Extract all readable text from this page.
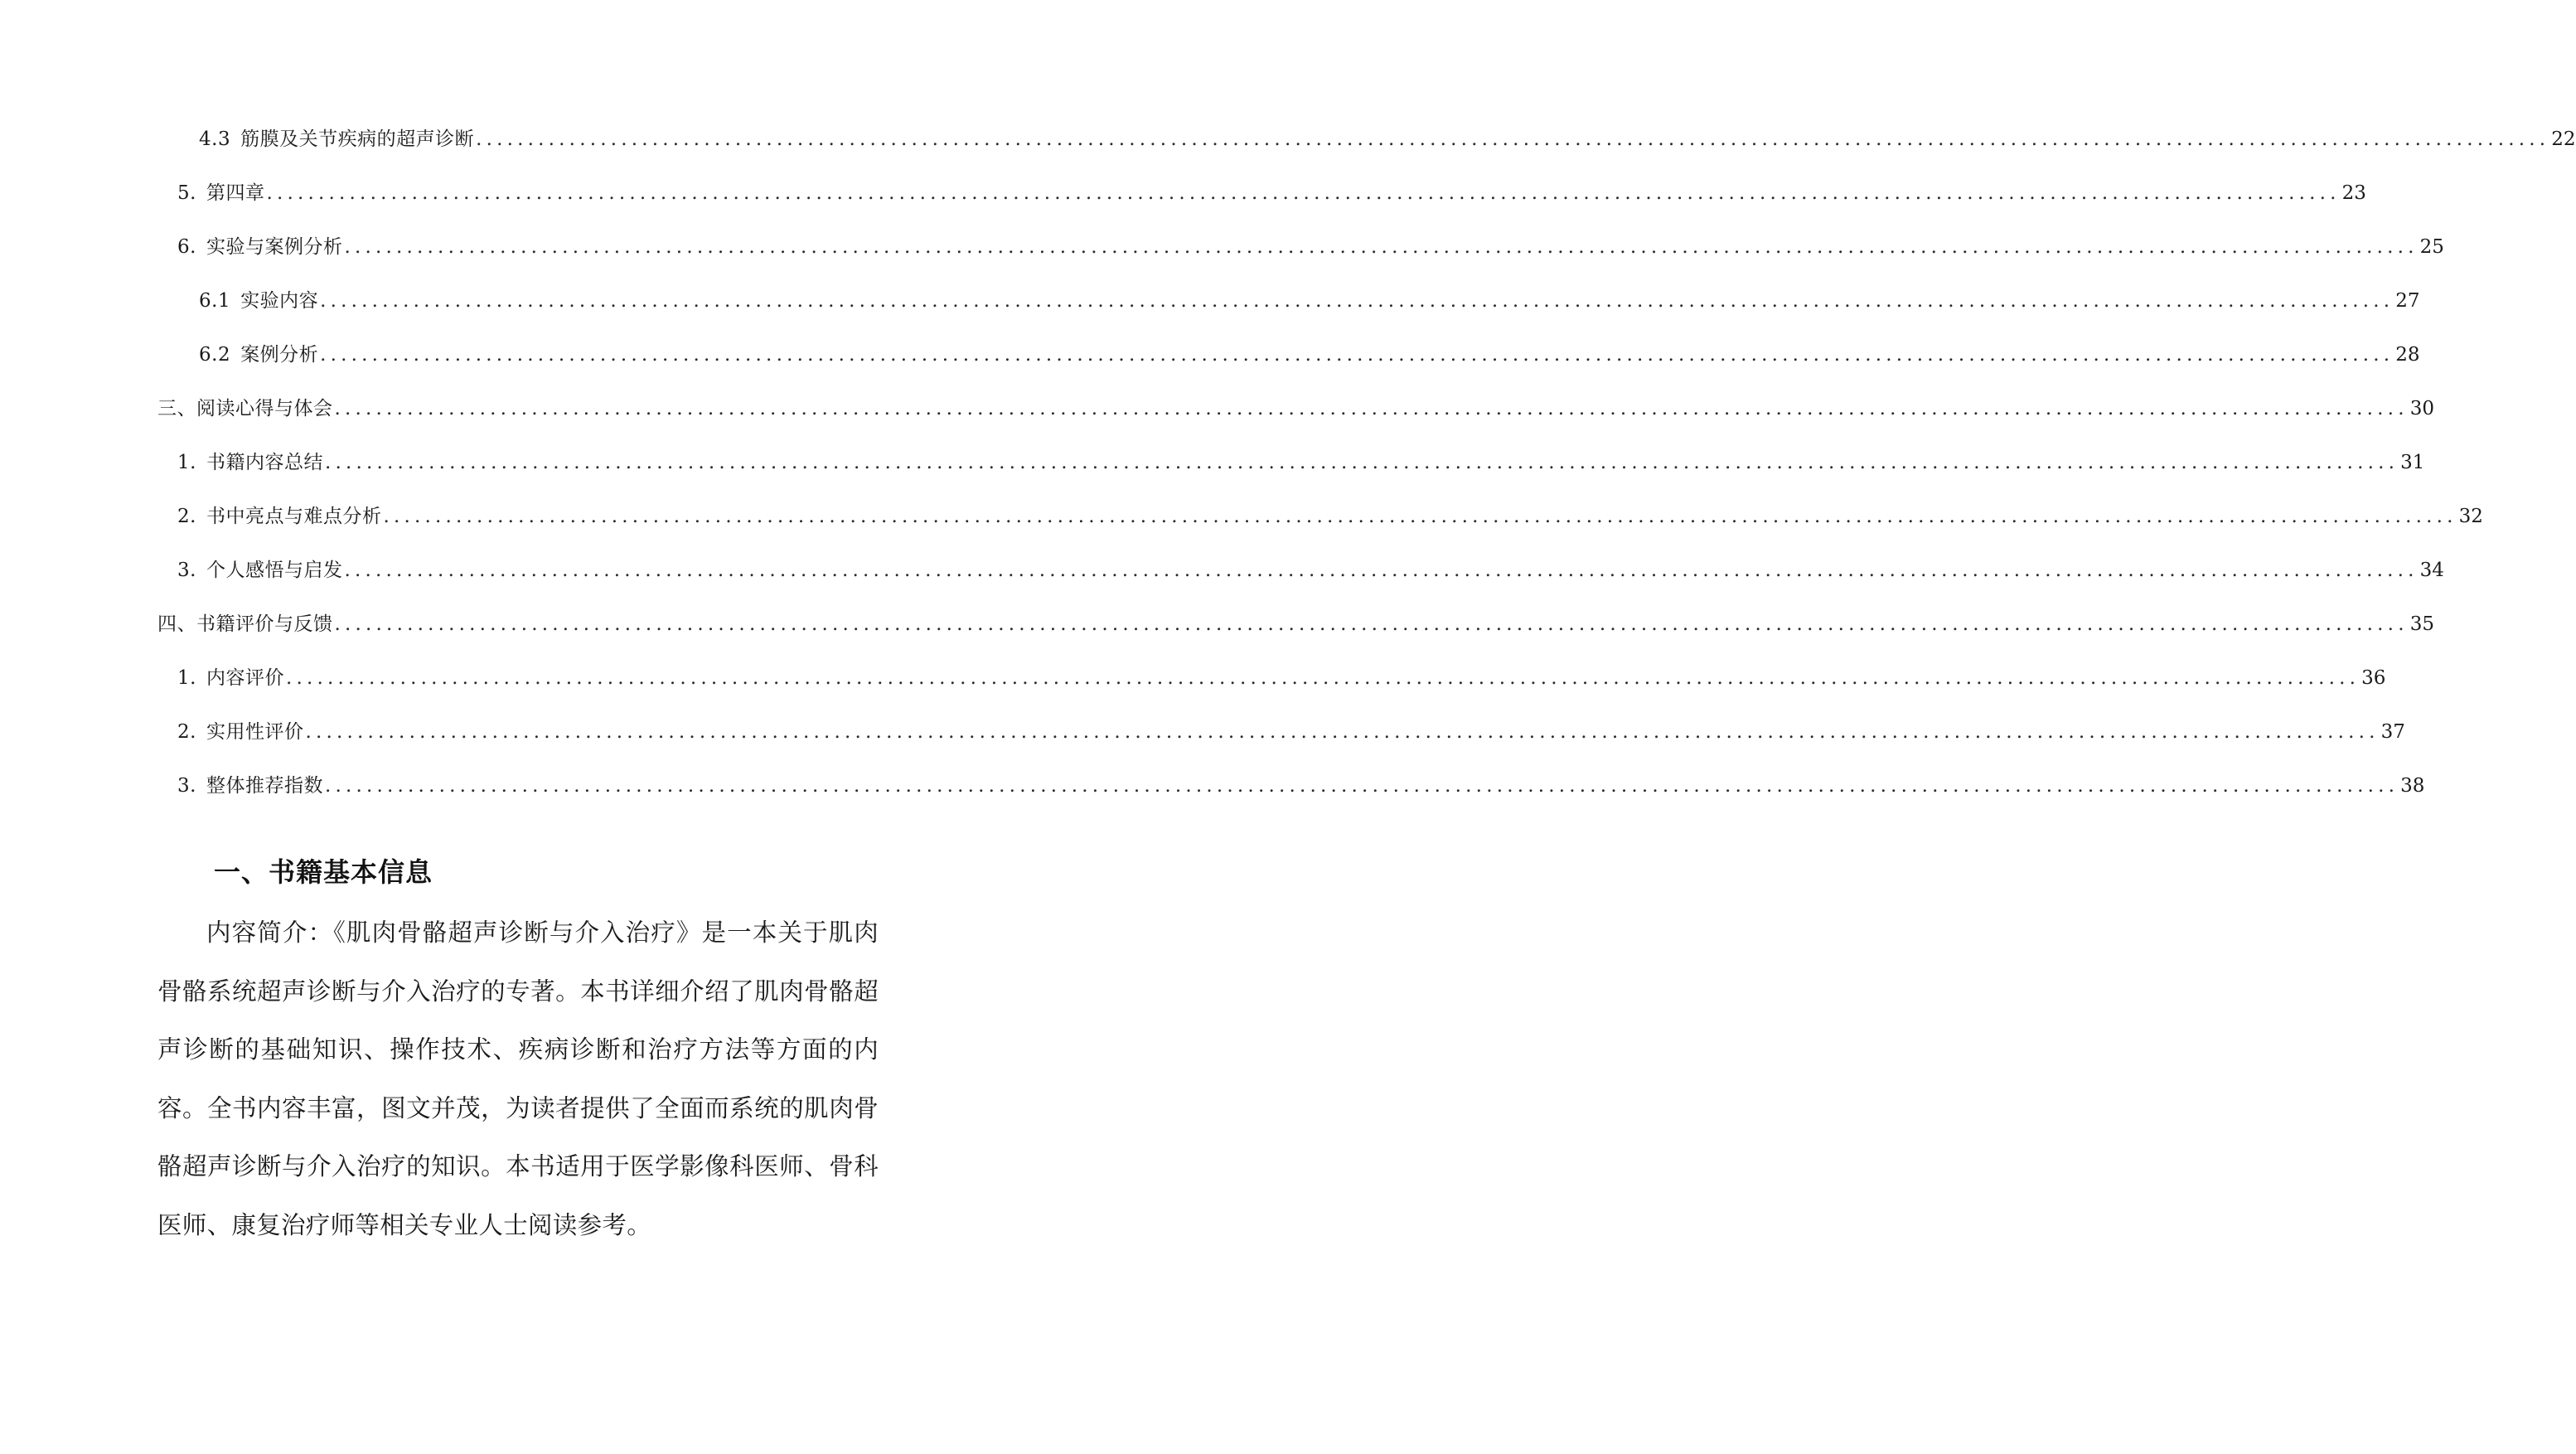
4.3 筋膜及关节疾病的超声诊断 ........................................................................................................................................................................................................ 22
5. 第四章 ........................................................................................................................................................................................................ 23
6. 实验与案例分析 ........................................................................................................................................................................................................ 25
6.1 实验内容 ........................................................................................................................................................................................................ 27
6.2 案例分析 ........................................................................................................................................................................................................ 28
三、阅读心得与体会 ........................................................................................................................................................................................................ 30
1. 书籍内容总结 ........................................................................................................................................................................................................ 31
2. 书中亮点与难点分析 ........................................................................................................................................................................................................ 32
3. 个人感悟与启发 ........................................................................................................................................................................................................ 34
四、书籍评价与反馈 ........................................................................................................................................................................................................ 35
1. 内容评价 ........................................................................................................................................................................................................ 36
2. 实用性评价 ........................................................................................................................................................................................................ 37
3. 整体推荐指数 ........................................................................................................................................................................................................ 38
一、书籍基本信息

内容简介：《肌肉骨骼超声诊断与介入治疗》是一本关于肌肉骨骼系统超声诊断与介入治疗的专著。本书详细介绍了肌肉骨骼超声诊断的基础知识、操作技术、疾病诊断和治疗方法等方面的内容。全书内容丰富，图文并茂，为读者提供了全面而系统的肌肉骨骼超声诊断与介入治疗的知识。本书适用于医学影像科医师、骨科医师、康复治疗师等相关专业人士阅读参考。
